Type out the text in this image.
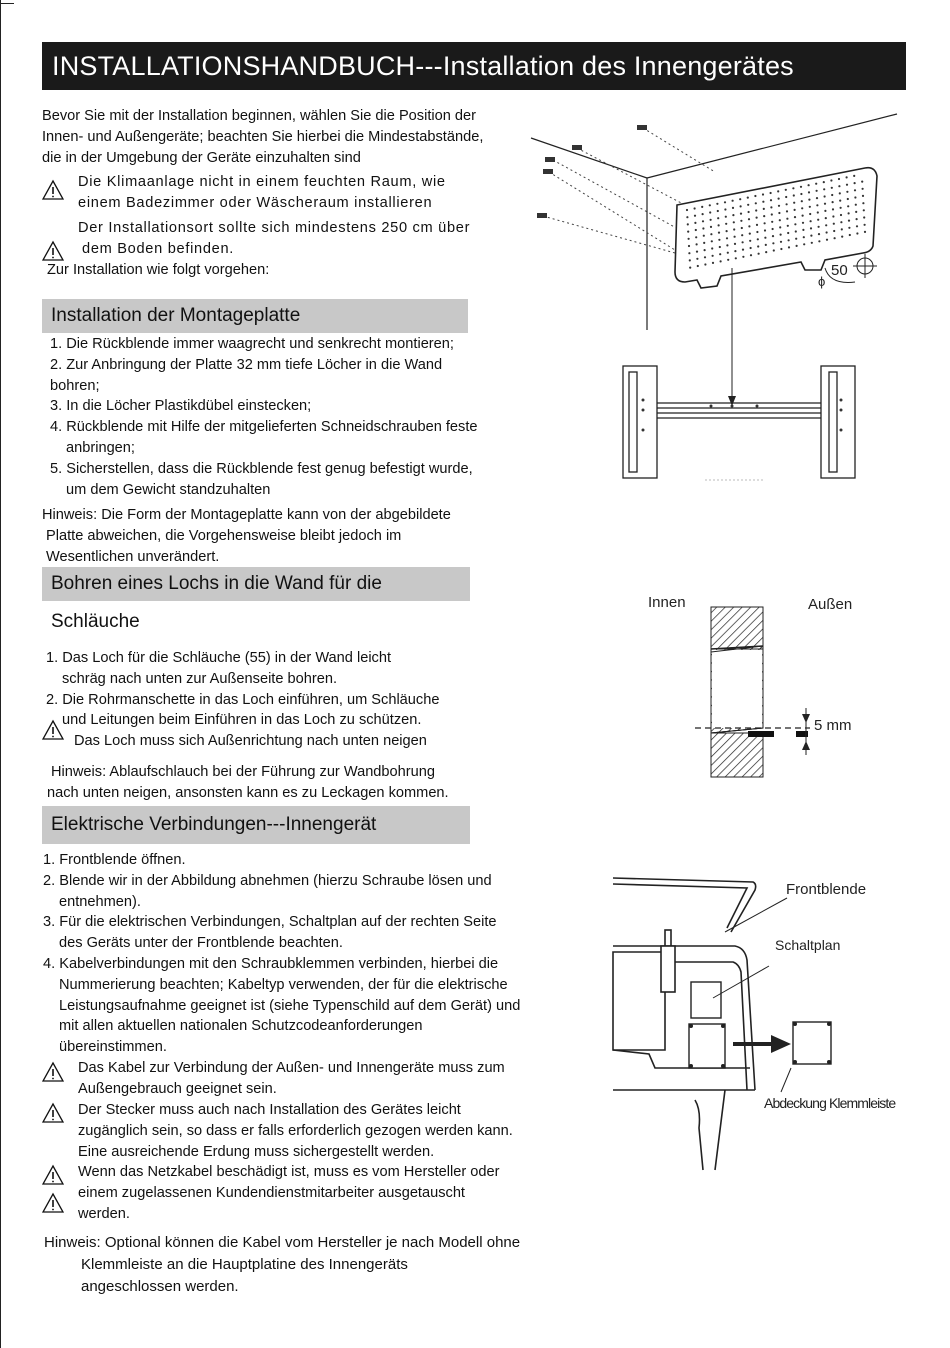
INSTALLATIONSHANDBUCH---Installation des Innengerätes
Bevor Sie mit der Installation beginnen, wählen Sie die Position der
Innen- und Außengeräte; beachten Sie hierbei die Mindestabstände,
die in der Umgebung der Geräte einzuhalten sind
Die Klimaanlage nicht in einem feuchten Raum, wie
einem Badezimmer oder Wäscheraum installieren
Der Installationsort sollte sich mindestens 250 cm über
dem Boden befinden.
Zur Installation wie folgt vorgehen:
Installation der Montageplatte
1. Die Rückblende immer waagrecht und senkrecht montieren;
2. Zur Anbringung der Platte 32 mm tiefe Löcher in die Wand
bohren;
3. In die Löcher Plastikdübel einstecken;
4. Rückblende mit Hilfe der mitgelieferten Schneidschrauben feste
anbringen;
5. Sicherstellen, dass die Rückblende fest genug befestigt wurde,
um dem Gewicht standzuhalten
Hinweis: Die Form der Montageplatte kann von der abgebildete
Platte abweichen, die Vorgehensweise bleibt jedoch im
Wesentlichen unverändert.
50
ϕ
Bohren eines Lochs in die Wand für die
Schläuche
1. Das Loch für die Schläuche (55) in der Wand leicht
schräg nach unten zur Außenseite bohren.
2. Die Rohrmanschette in das Loch einführen, um Schläuche
und Leitungen beim Einführen in das Loch zu schützen.
Das Loch muss sich Außenrichtung nach unten neigen
Hinweis: Ablaufschlauch bei der Führung zur Wandbohrung
nach unten neigen, ansonsten kann es zu Leckagen kommen.
Innen	Außen
5 mm
Elektrische Verbindungen---Innengerät
1. Frontblende öffnen.
2. Blende wir in der Abbildung abnehmen (hierzu Schraube lösen und
entnehmen).
3. Für die elektrischen Verbindungen, Schaltplan auf der rechten Seite
des Geräts unter der Frontblende beachten.
4. Kabelverbindungen mit den Schraubklemmen verbinden, hierbei die
Nummerierung beachten; Kabeltyp verwenden, der für die elektrische
Leistungsaufnahme geeignet ist (siehe Typenschild auf dem Gerät) und
mit allen aktuellen nationalen Schutzcodeanforderungen
übereinstimmen.
Das Kabel zur Verbindung der Außen- und Innengeräte muss zum
Außengebrauch geeignet sein.
Der Stecker muss auch nach Installation des Gerätes leicht
zugänglich sein, so dass er falls erforderlich gezogen werden kann.
Eine ausreichende Erdung muss sichergestellt werden.
Wenn das Netzkabel beschädigt ist, muss es vom Hersteller oder
einem zugelassenen Kundendienstmitarbeiter ausgetauscht
werden.
Hinweis: Optional können die Kabel vom Hersteller je nach Modell ohne
Klemmleiste an die Hauptplatine des Innengeräts
angeschlossen werden.
Frontblende
Schaltplan
Abdeckung Klemmleiste
